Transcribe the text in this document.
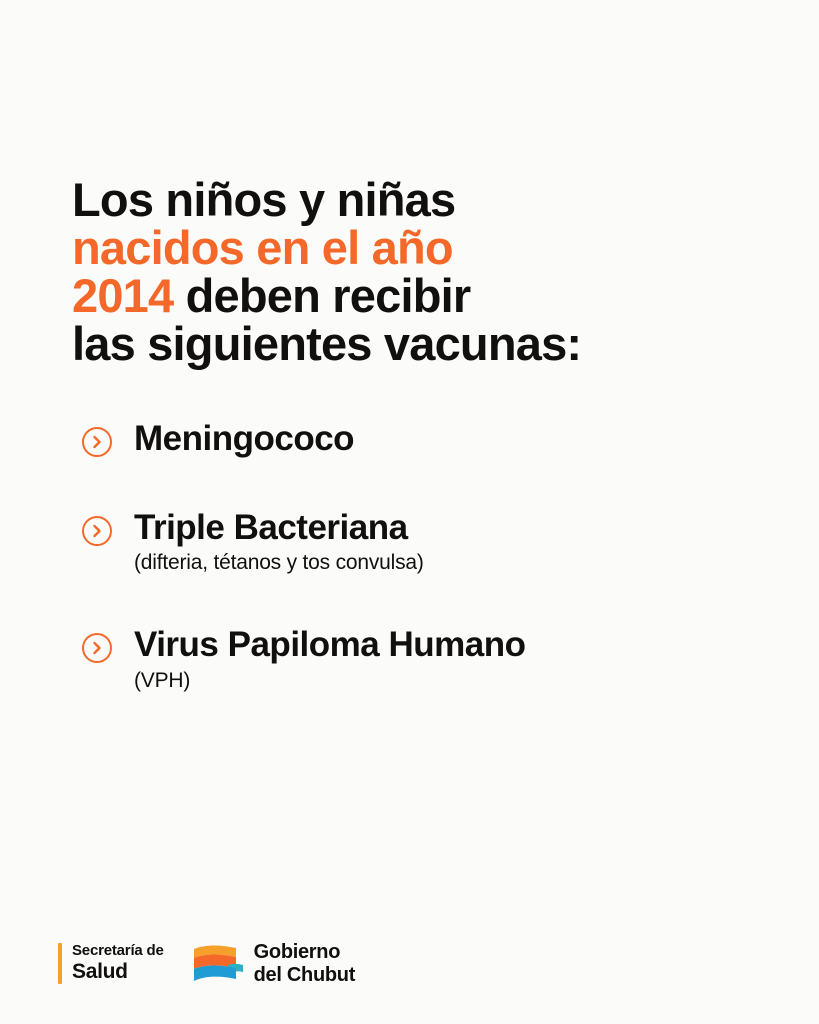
Los niños y niñas
nacidos en el año
2014 deben recibir
las siguientes vacunas:
Meningococo
Triple Bacteriana
(difteria, tétanos y tos convulsa)
Virus Papiloma Humano
(VPH)
Secretaría de
Salud
Gobierno
del Chubut
